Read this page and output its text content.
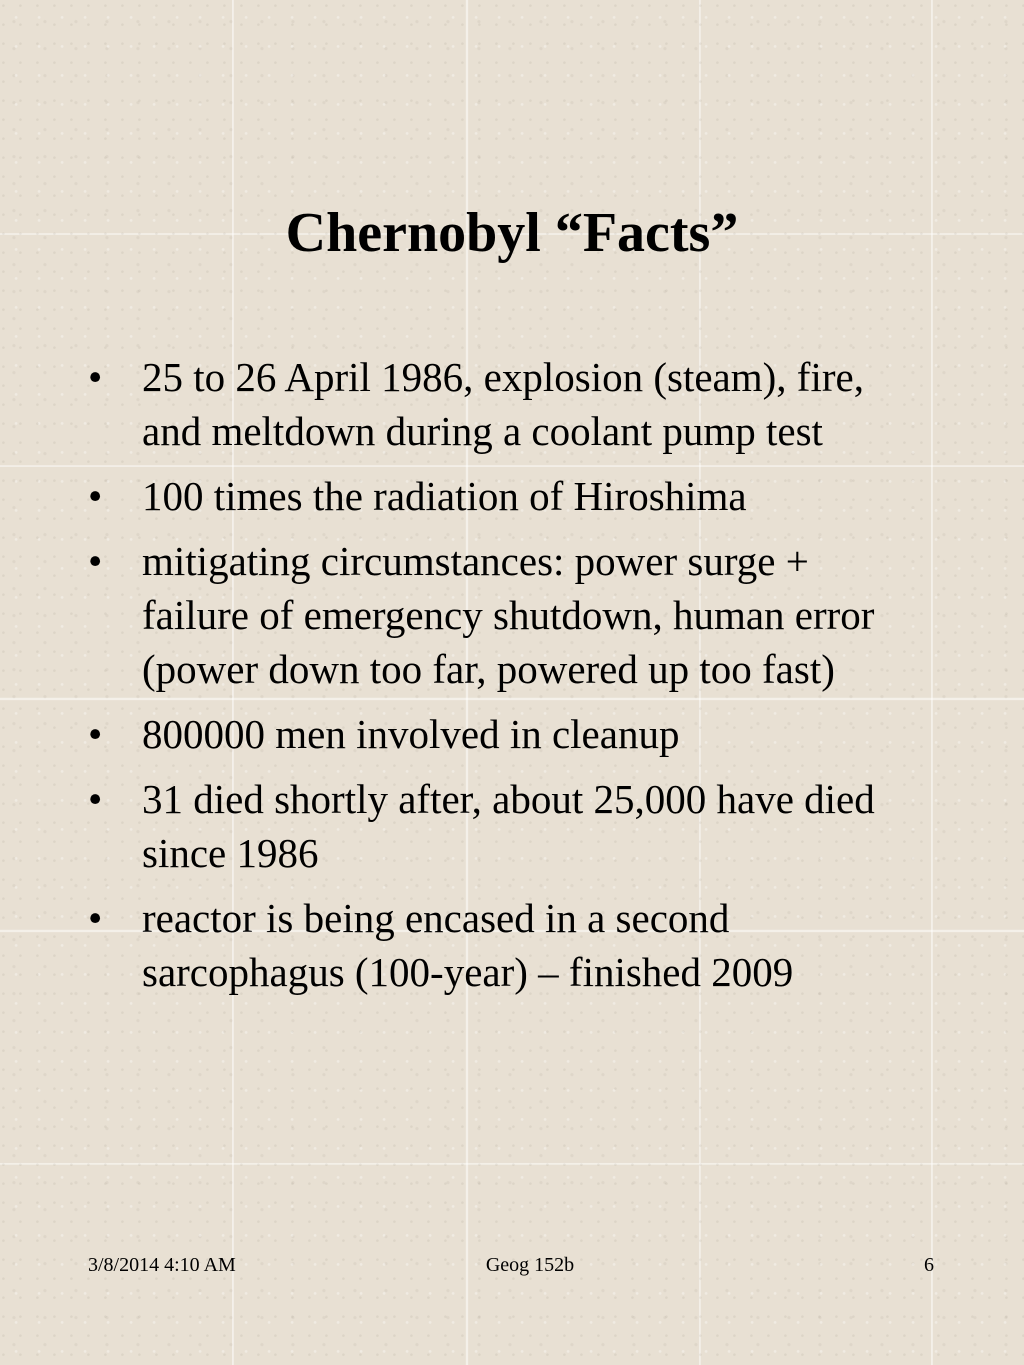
Chernobyl “Facts”
• 25 to 26 April 1986, explosion (steam), fire, and meltdown during a coolant pump test
• 100 times the radiation of Hiroshima
• mitigating circumstances: power surge + failure of emergency shutdown, human error (power down too far, powered up too fast)
• 800000 men involved in cleanup
• 31 died shortly after, about 25,000 have died since 1986
• reactor is being encased in a second sarcophagus (100-year) – finished 2009
3/8/2014 4:10 AM	Geog 152b	6
